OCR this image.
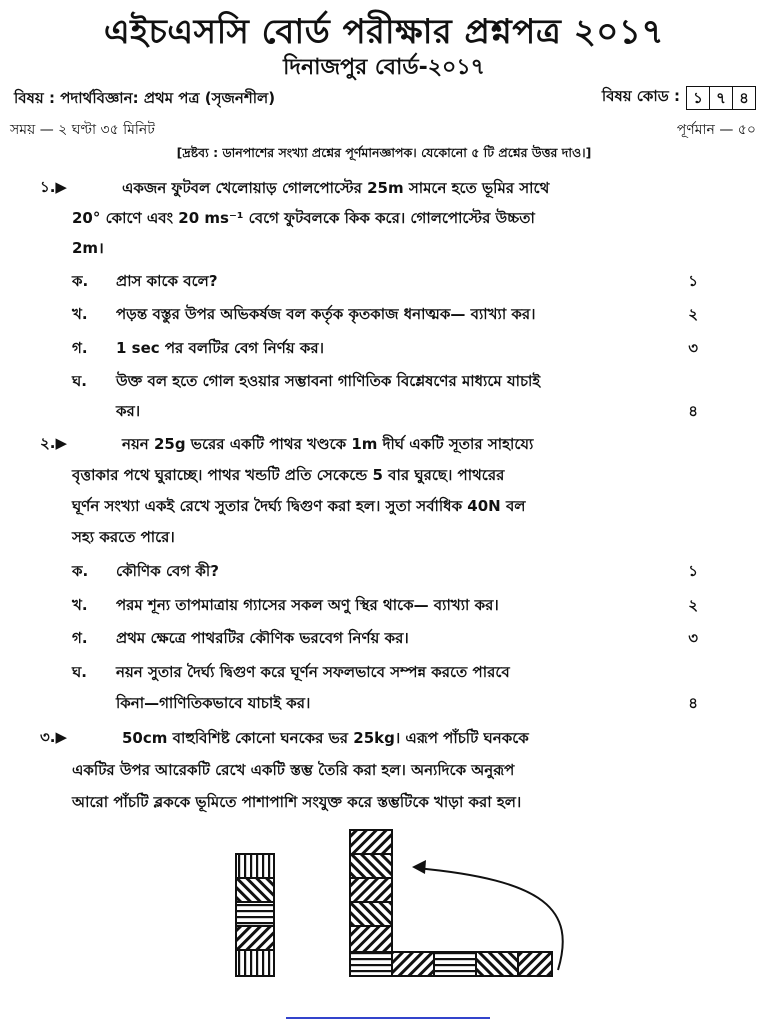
এইচএসসি বোর্ড পরীক্ষার প্রশ্নপত্র ২০১৭
দিনাজপুর বোর্ড-২০১৭
বিষয় : পদার্থবিজ্ঞান: প্রথম পত্র (সৃজনশীল)	বিষয় কোড : ১ ৭ ৪
সময় — ২ ঘণ্টা ৩৫ মিনিট	পূর্ণমান — ৫০
[দ্রষ্টব্য : ডানপাশের সংখ্যা প্রশ্নের পূর্ণমানজ্ঞাপক। যেকোনো ৫ টি প্রশ্নের উত্তর দাও।]
১.▶	একজন ফুটবল খেলোয়াড় গোলপোস্টের 25m সামনে হতে ভূমির সাথে
20° কোণে এবং 20 ms⁻¹ বেগে ফুটবলকে কিক করে। গোলপোস্টের উচ্চতা
2m।
ক.	প্রাস কাকে বলে?	১
খ.	পড়ন্ত বস্তুর উপর অভিকর্ষজ বল কর্তৃক কৃতকাজ ধনাত্মক— ব্যাখ্যা কর।	২
গ.	1 sec পর বলটির বেগ নির্ণয় কর।	৩
ঘ.	উক্ত বল হতে গোল হওয়ার সম্ভাবনা গাণিতিক বিশ্লেষণের মাধ্যমে যাচাই
কর।	৪
২.▶	নয়ন 25g ভরের একটি পাথর খণ্ডকে 1m দীর্ঘ একটি সূতার সাহায্যে
বৃত্তাকার পথে ঘুরাচ্ছে। পাথর খন্ডটি প্রতি সেকেন্ডে 5 বার ঘুরছে। পাথরের
ঘূর্ণন সংখ্যা একই রেখে সুতার দৈর্ঘ্য দ্বিগুণ করা হল। সুতা সর্বাধিক 40N বল
সহ্য করতে পারে।
ক.	কৌণিক বেগ কী?	১
খ.	পরম শূন্য তাপমাত্রায় গ্যাসের সকল অণু স্থির থাকে— ব্যাখ্যা কর।	২
গ.	প্রথম ক্ষেত্রে পাথরটির কৌণিক ভরবেগ নির্ণয় কর।	৩
ঘ.	নয়ন সুতার দৈর্ঘ্য দ্বিগুণ করে ঘূর্ণন সফলভাবে সম্পন্ন করতে পারবে
কিনা—গাণিতিকভাবে যাচাই কর।	৪
৩.▶	50cm বাহুবিশিষ্ট কোনো ঘনকের ভর 25kg। এরূপ পাঁচটি ঘনককে
একটির উপর আরেকটি রেখে একটি স্তম্ভ তৈরি করা হল। অন্যদিকে অনুরূপ
আরো পাঁচটি ব্লককে ভূমিতে পাশাপাশি সংযুক্ত করে স্তম্ভটিকে খাড়া করা হল।
